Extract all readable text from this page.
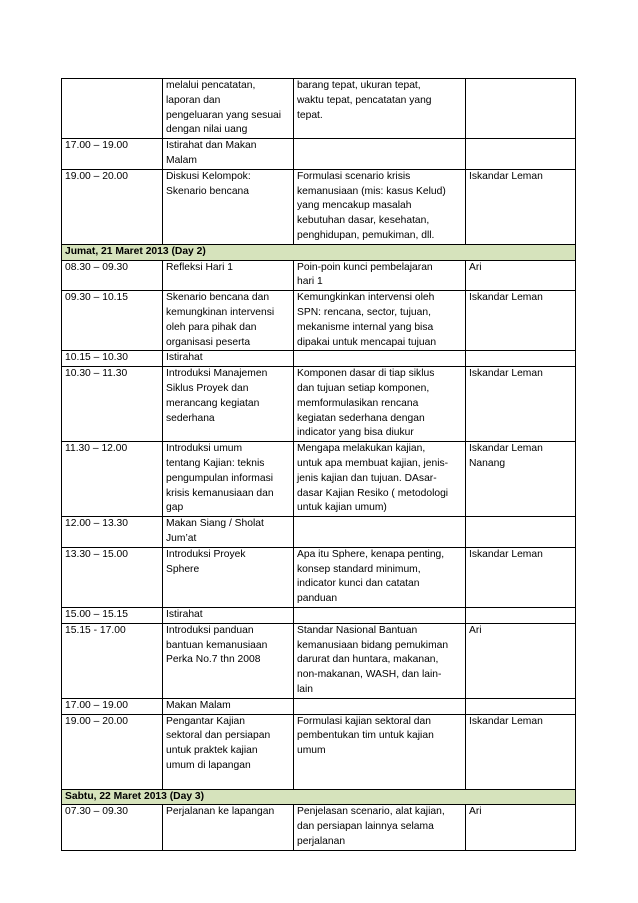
	melalui pencatatan,
laporan dan
pengeluaran yang sesuai
dengan nilai uang	barang tepat, ukuran tepat,
waktu tepat, pencatatan yang
tepat.	

17.00 – 19.00	Istirahat dan Makan
Malam		

19.00 – 20.00	Diskusi Kelompok:
Skenario bencana	Formulasi scenario krisis
kemanusiaan (mis: kasus Kelud)
yang mencakup masalah
kebutuhan dasar, kesehatan,
penghidupan, pemukiman, dll.	Iskandar Leman

Jumat, 21 Maret 2013 (Day 2)			

08.30 – 09.30	Refleksi Hari 1	Poin-poin kunci pembelajaran
hari 1	Ari

09.30 – 10.15	Skenario bencana dan
kemungkinan intervensi
oleh para pihak dan
organisasi peserta	Kemungkinkan intervensi oleh
SPN: rencana, sector, tujuan,
mekanisme internal yang bisa
dipakai untuk mencapai tujuan	Iskandar Leman

10.15 – 10.30	Istirahat		

10.30 – 11.30	Introduksi Manajemen
Siklus Proyek dan
merancang kegiatan
sederhana	Komponen dasar di tiap siklus
dan tujuan setiap komponen,
memformulasikan rencana
kegiatan sederhana dengan
indicator yang bisa diukur	Iskandar Leman

11.30 – 12.00	Introduksi umum
tentang Kajian: teknis
pengumpulan informasi
krisis kemanusiaan dan
gap	Mengapa melakukan kajian,
untuk apa membuat kajian, jenis-
jenis kajian dan tujuan. DAsar-
dasar Kajian Resiko ( metodologi
untuk kajian umum)	Iskandar Leman
Nanang

12.00 – 13.30	Makan Siang / Sholat
Jum’at		

13.30 – 15.00	Introduksi Proyek
Sphere	Apa itu Sphere, kenapa penting,
konsep standard minimum,
indicator kunci dan catatan
panduan	Iskandar Leman

15.00 – 15.15	Istirahat		

15.15 - 17.00	Introduksi panduan
bantuan kemanusiaan
Perka No.7 thn 2008	Standar Nasional Bantuan
kemanusiaan bidang pemukiman
darurat dan huntara, makanan,
non-makanan, WASH, dan lain-
lain	Ari

17.00 – 19.00	Makan Malam		

19.00 – 20.00	Pengantar Kajian
sektoral dan persiapan
untuk praktek kajian
umum di lapangan	Formulasi kajian sektoral dan
pembentukan tim untuk kajian
umum	Iskandar Leman

Sabtu, 22 Maret 2013 (Day 3)			

07.30 – 09.30	Perjalanan ke lapangan	Penjelasan scenario, alat kajian,
dan persiapan lainnya selama
perjalanan	Ari
